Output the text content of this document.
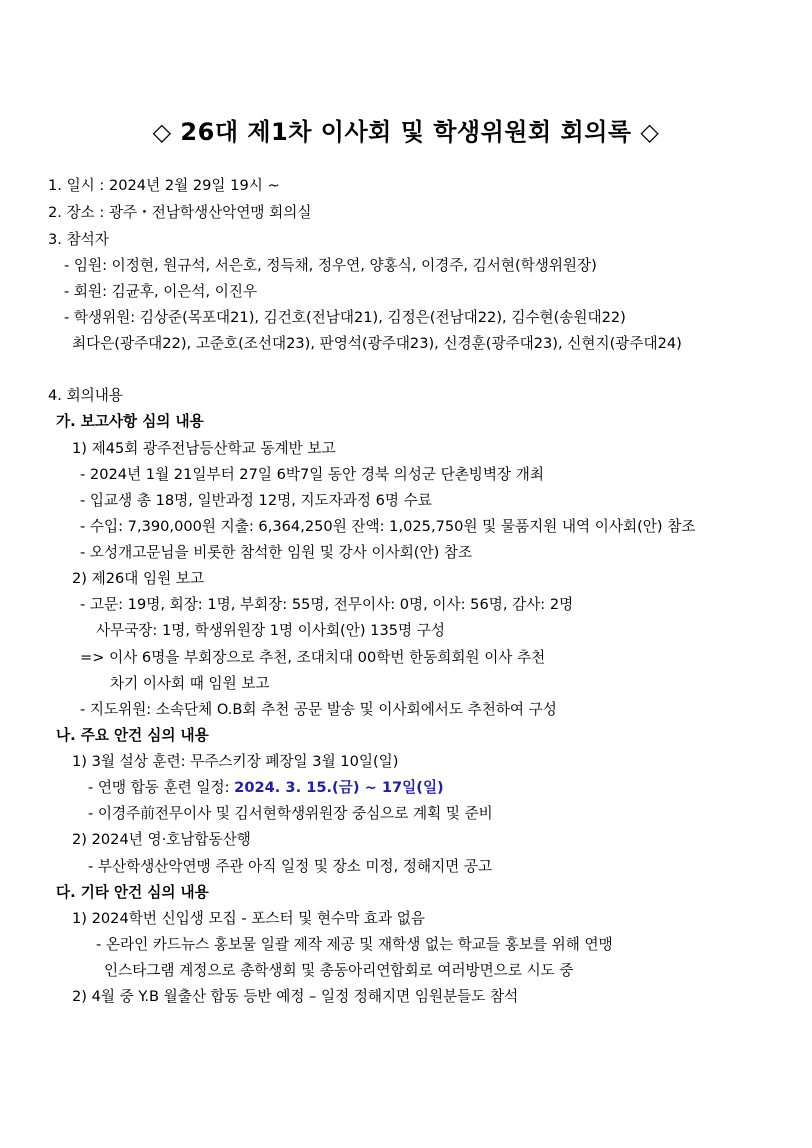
◇ 26대 제1차 이사회 및 학생위원회 회의록 ◇
1. 일시 : 2024년 2월 29일 19시 ~
2. 장소 : 광주・전남학생산악연맹 회의실
3. 참석자
- 임원: 이정현, 원규석, 서은호, 정득채, 정우연, 양홍식, 이경주, 김서현(학생위원장)
- 회원: 김균후, 이은석, 이진우
- 학생위원: 김상준(목포대21), 김건호(전남대21), 김정은(전남대22), 김수현(송원대22)
최다은(광주대22), 고준호(조선대23), 판영석(광주대23), 신경훈(광주대23), 신현지(광주대24)
4. 회의내용
가. 보고사항 심의 내용
1) 제45회 광주전남등산학교 동계반 보고
- 2024년 1월 21일부터 27일 6박7일 동안 경북 의성군 단촌빙벽장 개최
- 입교생 총 18명, 일반과정 12명, 지도자과정 6명 수료
- 수입: 7,390,000원 지출: 6,364,250원 잔액: 1,025,750원 및 물품지원 내역 이사회(안) 참조
- 오성개고문님을 비롯한 참석한 임원 및 강사 이사회(안) 참조
2) 제26대 임원 보고
- 고문: 19명, 회장: 1명, 부회장: 55명, 전무이사: 0명, 이사: 56명, 감사: 2명
사무국장: 1명, 학생위원장 1명 이사회(안) 135명 구성
=> 이사 6명을 부회장으로 추천, 조대치대 00학번 한동희회원 이사 추천
차기 이사회 때 임원 보고
- 지도위원: 소속단체 O.B회 추천 공문 발송 및 이사회에서도 추천하여 구성
나. 주요 안건 심의 내용
1) 3월 설상 훈련: 무주스키장 폐장일 3월 10일(일)
- 연맹 합동 훈련 일정: 2024. 3. 15.(금) ~ 17일(일)
- 이경주前전무이사 및 김서현학생위원장 중심으로 계획 및 준비
2) 2024년 영·호남합동산행
- 부산학생산악연맹 주관 아직 일정 및 장소 미정, 정해지면 공고
다. 기타 안건 심의 내용
1) 2024학번 신입생 모집 - 포스터 및 현수막 효과 없음
- 온라인 카드뉴스 홍보물 일괄 제작 제공 및 재학생 없는 학교들 홍보를 위해 연맹
인스타그램 계정으로 총학생회 및 총동아리연합회로 여러방면으로 시도 중
2) 4월 중 Y.B 월출산 합동 등반 예정 – 일정 정해지면 임원분들도 참석
